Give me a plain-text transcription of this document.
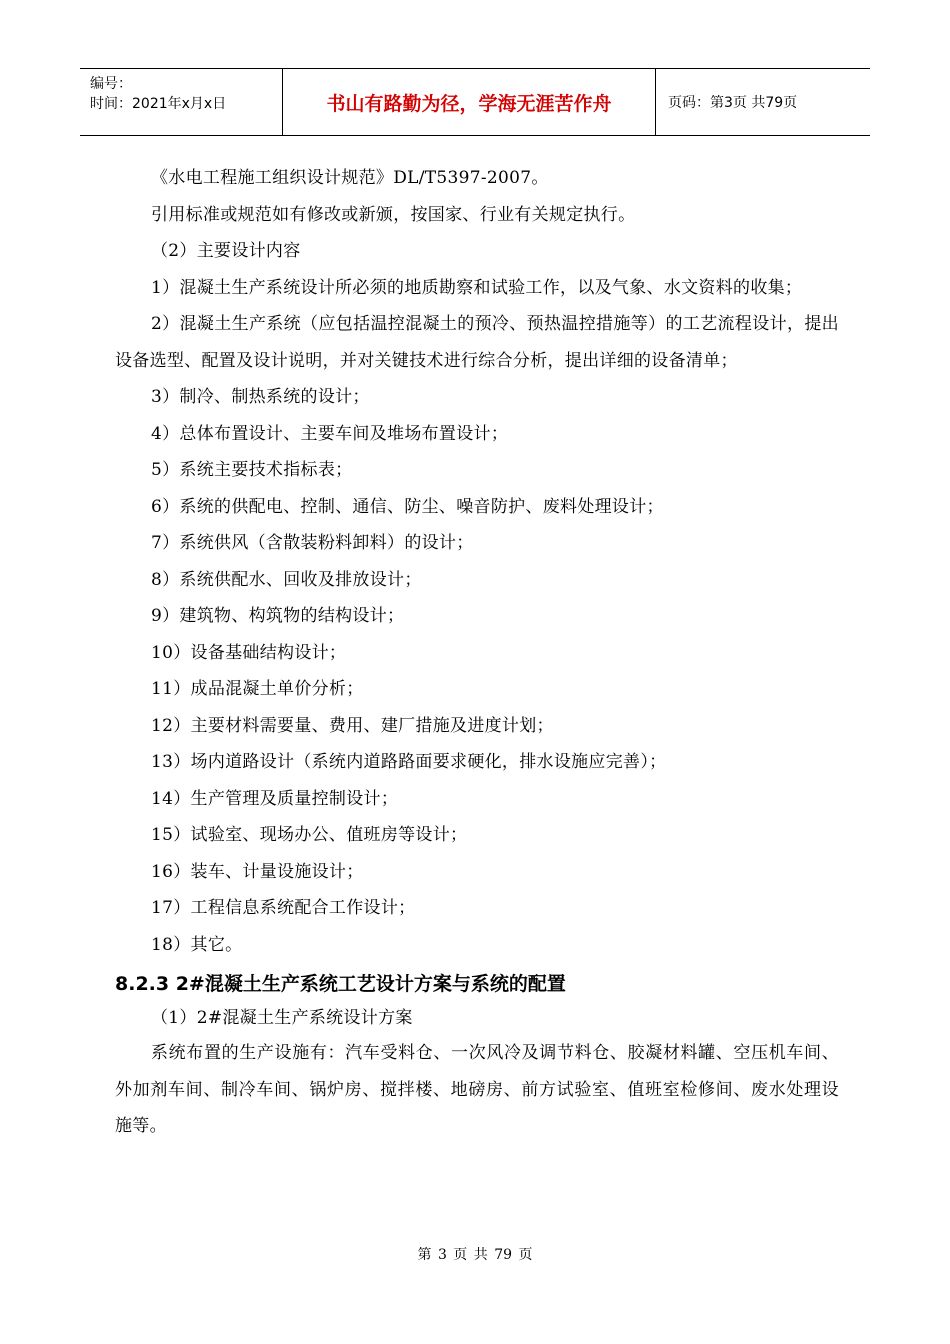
编号：
时间：2021年x月x日	书山有路勤为径，学海无涯苦作舟	页码：第3页 共79页

《水电工程施工组织设计规范》DL/T5397-2007。

引用标准或规范如有修改或新颁，按国家、行业有关规定执行。

（2）主要设计内容

1）混凝土生产系统设计所必须的地质勘察和试验工作，以及气象、水文资料的收集；

2）混凝土生产系统（应包括温控混凝土的预冷、预热温控措施等）的工艺流程设计，提出设备选型、配置及设计说明，并对关键技术进行综合分析，提出详细的设备清单；

3）制冷、制热系统的设计；

4）总体布置设计、主要车间及堆场布置设计；

5）系统主要技术指标表；

6）系统的供配电、控制、通信、防尘、噪音防护、废料处理设计；

7）系统供风（含散装粉料卸料）的设计；

8）系统供配水、回收及排放设计；

9）建筑物、构筑物的结构设计；

10）设备基础结构设计；

11）成品混凝土单价分析；

12）主要材料需要量、费用、建厂措施及进度计划；

13）场内道路设计（系统内道路路面要求硬化，排水设施应完善）；

14）生产管理及质量控制设计；

15）试验室、现场办公、值班房等设计；

16）装车、计量设施设计；

17）工程信息系统配合工作设计；

18）其它。

8.2.3 2#混凝土生产系统工艺设计方案与系统的配置

（1）2#混凝土生产系统设计方案

系统布置的生产设施有：汽车受料仓、一次风冷及调节料仓、胶凝材料罐、空压机车间、外加剂车间、制冷车间、锅炉房、搅拌楼、地磅房、前方试验室、值班室检修间、废水处理设施等。

第 3 页 共 79 页
